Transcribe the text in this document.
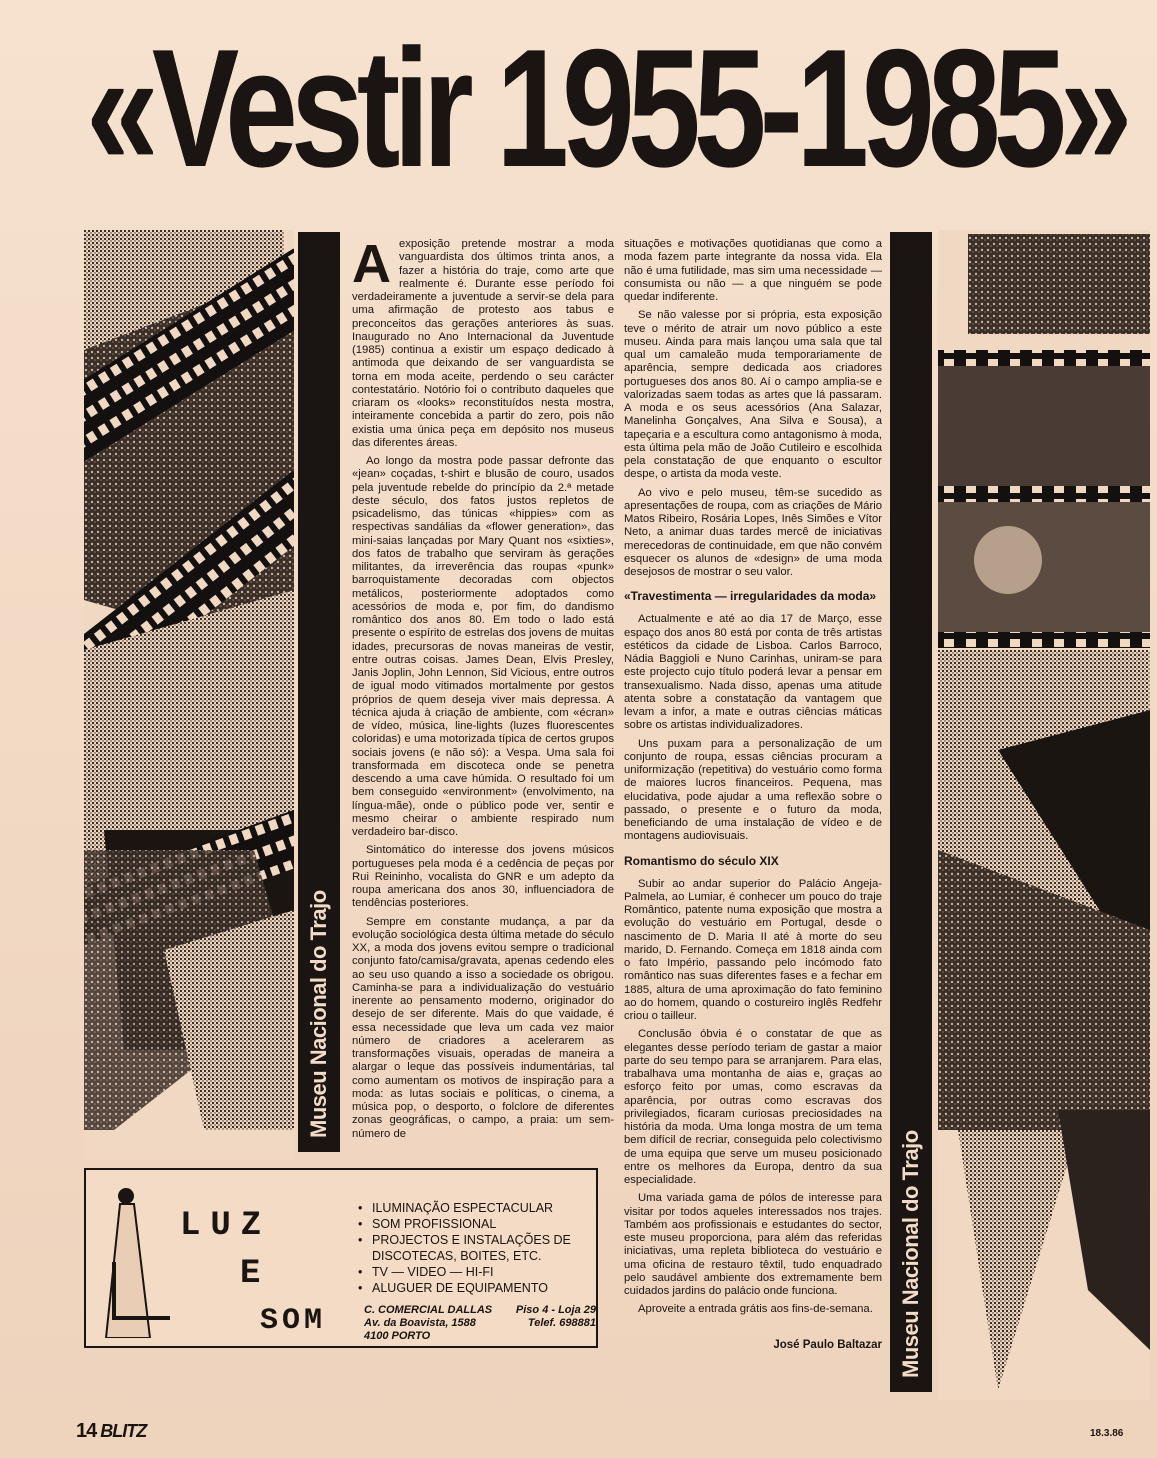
«Vestir 1955-1985»
Museu Nacional do Trajo

Aexposição pretende mostrar a moda vanguardista dos últimos trinta anos, a fazer a história do traje, como arte que realmente é. Durante esse período foi verdadeiramente a juventude a servir-se dela para uma afirmação de protesto aos tabus e preconceitos das gerações anteriores às suas. Inaugurado no Ano Internacional da Juventude (1985) continua a existir um espaço dedicado à antimoda que deixando de ser vanguardista se torna em moda aceite, perdendo o seu carácter contestatário. Notório foi o contributo daqueles que criaram os «looks» reconstituídos nesta mostra, inteiramente concebida a partir do zero, pois não existia uma única peça em depósito nos museus das diferentes áreas.

Ao longo da mostra pode passar defronte das «jean» coçadas, t-shirt e blusão de couro, usados pela juventude rebelde do princípio da 2.ª metade deste século, dos fatos justos repletos de psicadelismo, das túnicas «hippies» com as respectivas sandálias da «flower generation», das mini-saias lançadas por Mary Quant nos «sixties», dos fatos de trabalho que serviram às gerações militantes, da irreverência das roupas «punk» barroquistamente decoradas com objectos metálicos, posteriormente adoptados como acessórios de moda e, por fim, do dandismo romântico dos anos 80. Em todo o lado está presente o espírito de estrelas dos jovens de muitas idades, precursoras de novas maneiras de vestir, entre outras coisas. James Dean, Elvis Presley, Janis Joplin, John Lennon, Sid Vicious, entre outros de igual modo vitimados mortalmente por gestos próprios de quem deseja viver mais depressa. A técnica ajuda à criação de ambiente, com «écran» de vídeo, música, line-lights (luzes fluorescentes coloridas) e uma motorizada típica de certos grupos sociais jovens (e não só): a Vespa. Uma sala foi transformada em discoteca onde se penetra descendo a uma cave húmida. O resultado foi um bem conseguido «environment» (envolvimento, na língua-mãe), onde o público pode ver, sentir e mesmo cheirar o ambiente respirado num verdadeiro bar-disco.

Sintomático do interesse dos jovens músicos portugueses pela moda é a cedência de peças por Rui Reininho, vocalista do GNR e um adepto da roupa americana dos anos 30, influenciadora de tendências posteriores.

Sempre em constante mudança, a par da evolução sociológica desta última metade do século XX, a moda dos jovens evitou sempre o tradicional conjunto fato/camisa/gravata, apenas cedendo eles ao seu uso quando a isso a sociedade os obrigou. Caminha-se para a individualização do vestuário inerente ao pensamento moderno, originador do desejo de ser diferente. Mais do que vaidade, é essa necessidade que leva um cada vez maior número de criadores a acelerarem as transformações visuais, operadas de maneira a alargar o leque das possíveis indumentárias, tal como aumentam os motivos de inspiração para a moda: as lutas sociais e políticas, o cinema, a música pop, o desporto, o folclore de diferentes zonas geográficas, o campo, a praia: um sem-número de

situações e motivações quotidianas que como a moda fazem parte integrante da nossa vida. Ela não é uma futilidade, mas sim uma necessidade — consumista ou não — a que ninguém se pode quedar indiferente.

Se não valesse por si própria, esta exposição teve o mérito de atrair um novo público a este museu. Ainda para mais lançou uma sala que tal qual um camaleão muda temporariamente de aparência, sempre dedicada aos criadores portugueses dos anos 80. Aí o campo amplia-se e valorizadas saem todas as artes que lá passaram. A moda e os seus acessórios (Ana Salazar, Manelinha Gonçalves, Ana Silva e Sousa), a tapeçaria e a escultura como antagonismo à moda, esta última pela mão de João Cutileiro e escolhida pela constatação de que enquanto o escultor despe, o artista da moda veste.

Ao vivo e pelo museu, têm-se sucedido as apresentações de roupa, com as criações de Mário Matos Ribeiro, Rosária Lopes, Inês Simões e Vítor Neto, a animar duas tardes mercê de iniciativas merecedoras de continuidade, em que não convém esquecer os alunos de «design» de uma moda desejosos de mostrar o seu valor.

«Travestimenta — irregularidades da moda»

Actualmente e até ao dia 17 de Março, esse espaço dos anos 80 está por conta de três artistas estéticos da cidade de Lisboa. Carlos Barroco, Nádia Baggioli e Nuno Carinhas, uniram-se para este projecto cujo título poderá levar a pensar em transexualismo. Nada disso, apenas uma atitude atenta sobre a constatação da vantagem que levam a infor, a mate e outras ciências máticas sobre os artistas individualizadores.

Uns puxam para a personalização de um conjunto de roupa, essas ciências procuram a uniformização (repetitiva) do vestuário como forma de maiores lucros financeiros. Pequena, mas elucidativa, pode ajudar a uma reflexão sobre o passado, o presente e o futuro da moda, beneficiando de uma instalação de vídeo e de montagens audiovisuais.

Romantismo do século XIX

Subir ao andar superior do Palácio Angeja-Palmela, ao Lumiar, é conhecer um pouco do traje Romântico, patente numa exposição que mostra a evolução do vestuário em Portugal, desde o nascimento de D. Maria II até à morte do seu marido, D. Fernando. Começa em 1818 ainda com o fato Império, passando pelo incómodo fato romântico nas suas diferentes fases e a fechar em 1885, altura de uma aproximação do fato feminino ao do homem, quando o costureiro inglês Redfehr criou o tailleur.

Conclusão óbvia é o constatar de que as elegantes desse período teriam de gastar a maior parte do seu tempo para se arranjarem. Para elas, trabalhava uma montanha de aias e, graças ao esforço feito por umas, como escravas da aparência, por outras como escravas dos privilegiados, ficaram curiosas preciosidades na história da moda. Uma longa mostra de um tema bem difícil de recriar, conseguida pelo colectivismo de uma equipa que serve um museu posicionado entre os melhores da Europa, dentro da sua especialidade.

Uma variada gama de pólos de interesse para visitar por todos aqueles interessados nos trajes. Também aos profissionais e estudantes do sector, este museu proporciona, para além das referidas iniciativas, uma repleta biblioteca do vestuário e uma oficina de restauro têxtil, tudo enquadrado pelo saudável ambiente dos extremamente bem cuidados jardins do palácio onde funciona.

Aproveite a entrada grátis aos fins-de-semana.

José Paulo Baltazar Museu Nacional do Trajo
LUZ
E
SOM
• ILUMINAÇÃO ESPECTACULAR
• SOM PROFISSIONAL
• PROJECTOS E INSTALAÇÕES DE DISCOTECAS, BOITES, ETC.
• TV — VIDEO — HI-FI
• ALUGUER DE EQUIPAMENTO
C. COMERCIAL DALLAS Piso 4 - Loja 29
Av. da Boavista, 1588	Telef. 698881
4100 PORTO
14 BLITZ	18.3.86
